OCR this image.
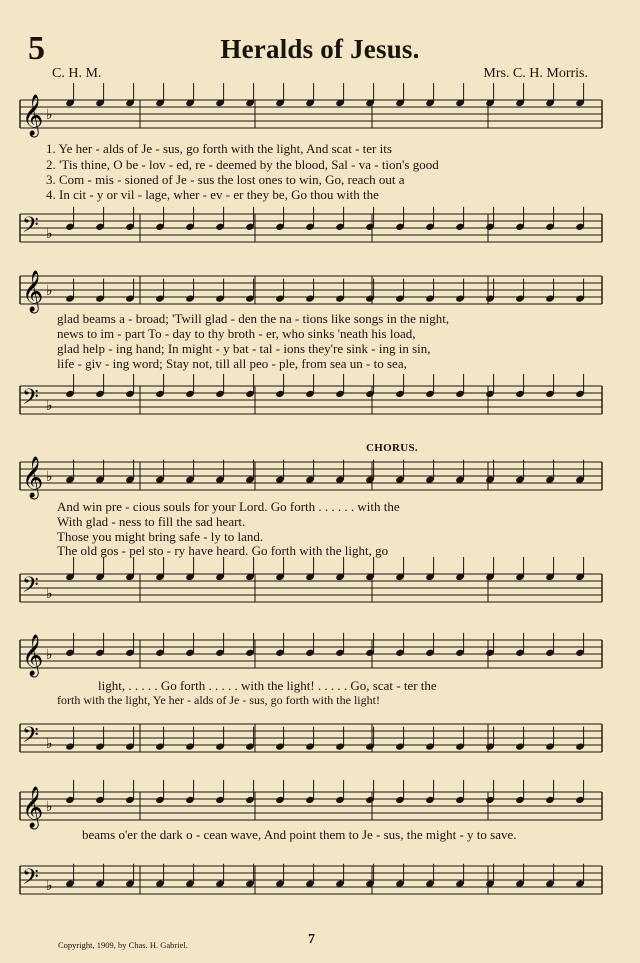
5	Heralds of Jesus.
C. H. M.	Mrs. C. H. Morris.
𝄞 ♭
1. Ye her - alds of Je - sus, go forth with the light, And scat - ter its
2. 'Tis thine, O be - lov - ed, re - deemed by the blood, Sal - va - tion's good
3. Com - mis - sioned of Je - sus the lost ones to win, Go, reach out a
4. In cit - y or vil - lage, wher - ev - er they be, Go thou with the
𝄢 ♭
𝄞 ♭
glad beams a - broad; 'Twill glad - den the na - tions like songs in the night,
news to im - part To - day to thy broth - er, who sinks 'neath his load,
glad help - ing hand; In might - y bat - tal - ions they're sink - ing in sin,
life - giv - ing word; Stay not, till all peo - ple, from sea un - to sea,
𝄢 ♭
CHORUS.
𝄞 ♭
And win pre - cious souls for your Lord. Go forth . . . . . . with the
With glad - ness to fill the sad heart.
Those you might bring safe - ly to land.
The old gos - pel sto - ry have heard. Go forth with the light, go
𝄢 ♭
𝄞 ♭
light, . . . . . Go forth . . . . . with the light! . . . . . Go, scat - ter the
forth with the light, Ye her - alds of Je - sus, go forth with the light!
𝄢 ♭
𝄞 ♭
beams o'er the dark o - cean wave, And point them to Je - sus, the might - y to save.
𝄢 ♭
7
Copyright, 1909, by Chas. H. Gabriel.
